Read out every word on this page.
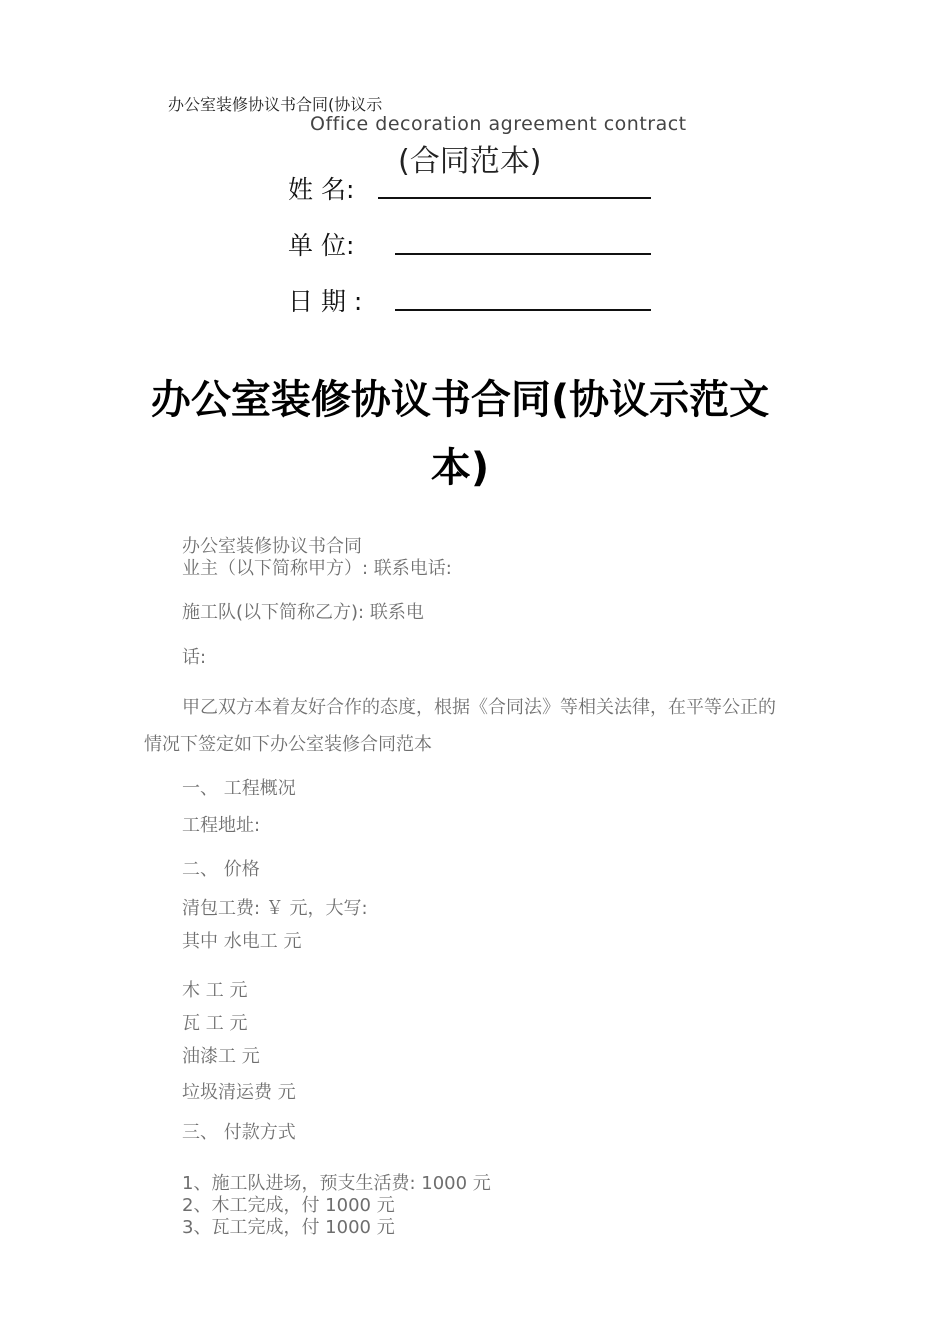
办公室装修协议书合同(协议示
Office decoration agreement contract
(合同范本)
姓 名:
单 位:
日 期 :
办公室装修协议书合同(协议示范文
本)
办公室装修协议书合同
业主（以下简称甲方）: 联系电话:
施工队(以下简称乙方): 联系电
话:
甲乙双方本着友好合作的态度，根据《合同法》等相关法律，在平等公正的
情况下签定如下办公室装修合同范本
一、 工程概况
工程地址:
二、 价格
清包工费: ￥ 元，大写:
其中 水电工 元
木 工 元
瓦 工 元
油漆工 元
垃圾清运费 元
三、 付款方式
1、施工队进场，预支生活费: 1000 元
2、木工完成，付 1000 元
3、瓦工完成，付 1000 元
